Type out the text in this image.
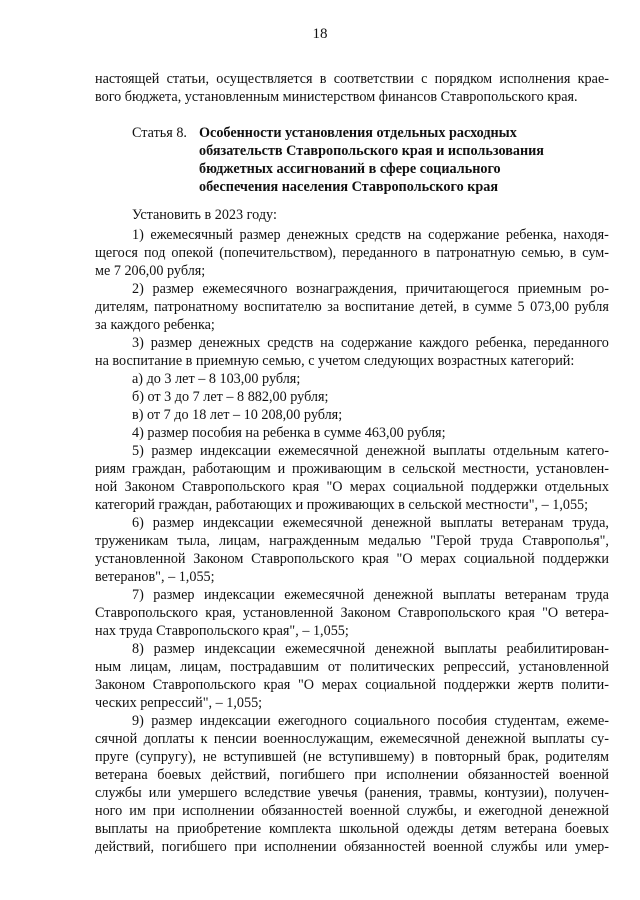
18
настоящей статьи, осуществляется в соответствии с порядком исполнения крае-
вого бюджета, установленным министерством финансов Ставропольского края.
Статья 8. Особенности установления отдельных расходных
обязательств Ставропольского края и использования
бюджетных ассигнований в сфере социального
обеспечения населения Ставропольского края
Установить в 2023 году:
1) ежемесячный размер денежных средств на содержание ребенка, находя-
щегося под опекой (попечительством), переданного в патронатную семью, в сум-
ме 7 206,00 рубля;
2) размер ежемесячного вознаграждения, причитающегося приемным ро-
дителям, патронатному воспитателю за воспитание детей, в сумме 5 073,00 рубля
за каждого ребенка;
3) размер денежных средств на содержание каждого ребенка, переданного
на воспитание в приемную семью, с учетом следующих возрастных категорий:
а) до 3 лет – 8 103,00 рубля;
б) от 3 до 7 лет – 8 882,00 рубля;
в) от 7 до 18 лет – 10 208,00 рубля;
4) размер пособия на ребенка в сумме 463,00 рубля;
5) размер индексации ежемесячной денежной выплаты отдельным катего-
риям граждан, работающим и проживающим в сельской местности, установлен-
ной Законом Ставропольского края "О мерах социальной поддержки отдельных
категорий граждан, работающих и проживающих в сельской местности", – 1,055;
6) размер индексации ежемесячной денежной выплаты ветеранам труда,
труженикам тыла, лицам, награжденным медалью "Герой труда Ставрополья",
установленной Законом Ставропольского края "О мерах социальной поддержки
ветеранов", – 1,055;
7) размер индексации ежемесячной денежной выплаты ветеранам труда
Ставропольского края, установленной Законом Ставропольского края "О ветера-
нах труда Ставропольского края", – 1,055;
8) размер индексации ежемесячной денежной выплаты реабилитирован-
ным лицам, лицам, пострадавшим от политических репрессий, установленной
Законом Ставропольского края "О мерах социальной поддержки жертв полити-
ческих репрессий", – 1,055;
9) размер индексации ежегодного социального пособия студентам, ежеме-
сячной доплаты к пенсии военнослужащим, ежемесячной денежной выплаты су-
пруге (супругу), не вступившей (не вступившему) в повторный брак, родителям
ветерана боевых действий, погибшего при исполнении обязанностей военной
службы или умершего вследствие увечья (ранения, травмы, контузии), получен-
ного им при исполнении обязанностей военной службы, и ежегодной денежной
выплаты на приобретение комплекта школьной одежды детям ветерана боевых
действий, погибшего при исполнении обязанностей военной службы или умер-
